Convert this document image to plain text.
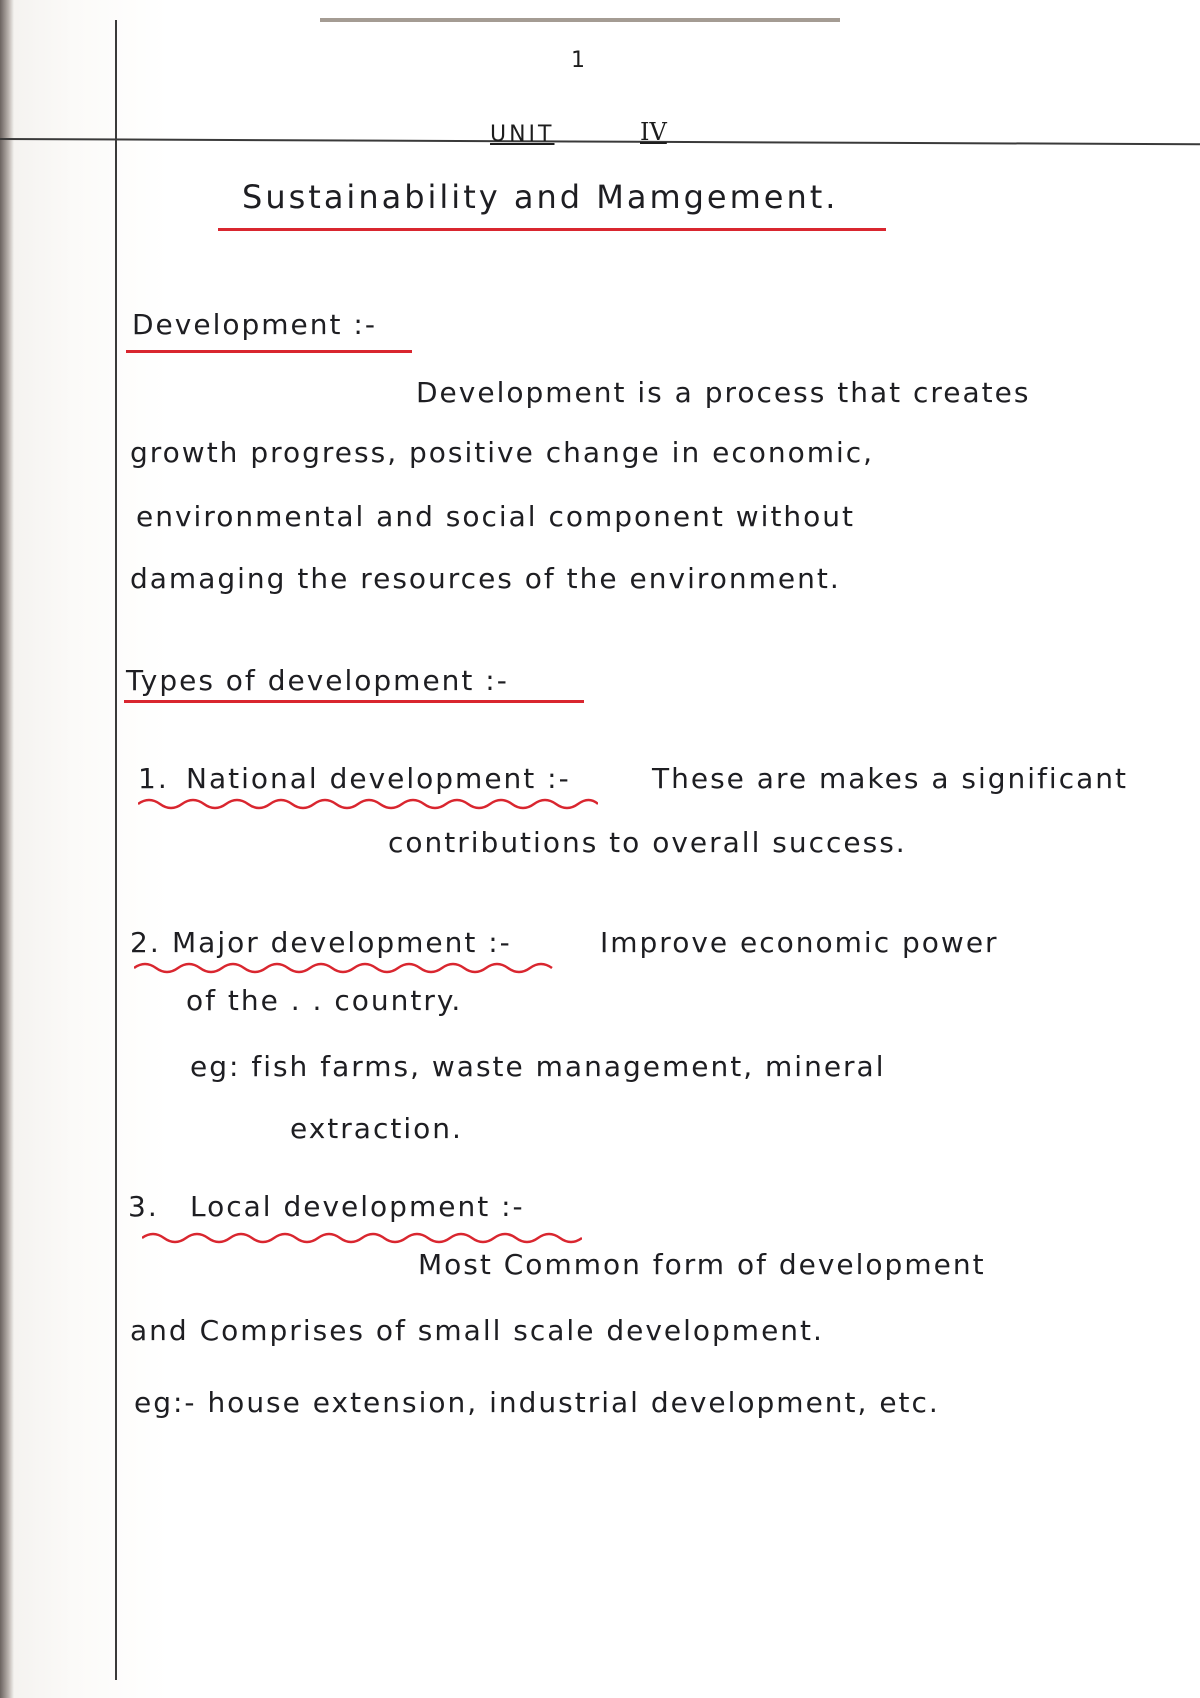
1
UNIT	IV
Sustainability and Mamgement.
Development :-
Development is a process that creates
growth progress, positive change in economic,
environmental and social component without
damaging the resources of the environment.
Types of development :-
1. National development :-	These are makes a significant
contributions to overall success.
2. Major development :-	Improve economic power
of the . . country.
eg: fish farms, waste management, mineral
extraction.
3. Local development :-
Most Common form of development
and Comprises of small scale development.
eg:- house extension, industrial development, etc.
